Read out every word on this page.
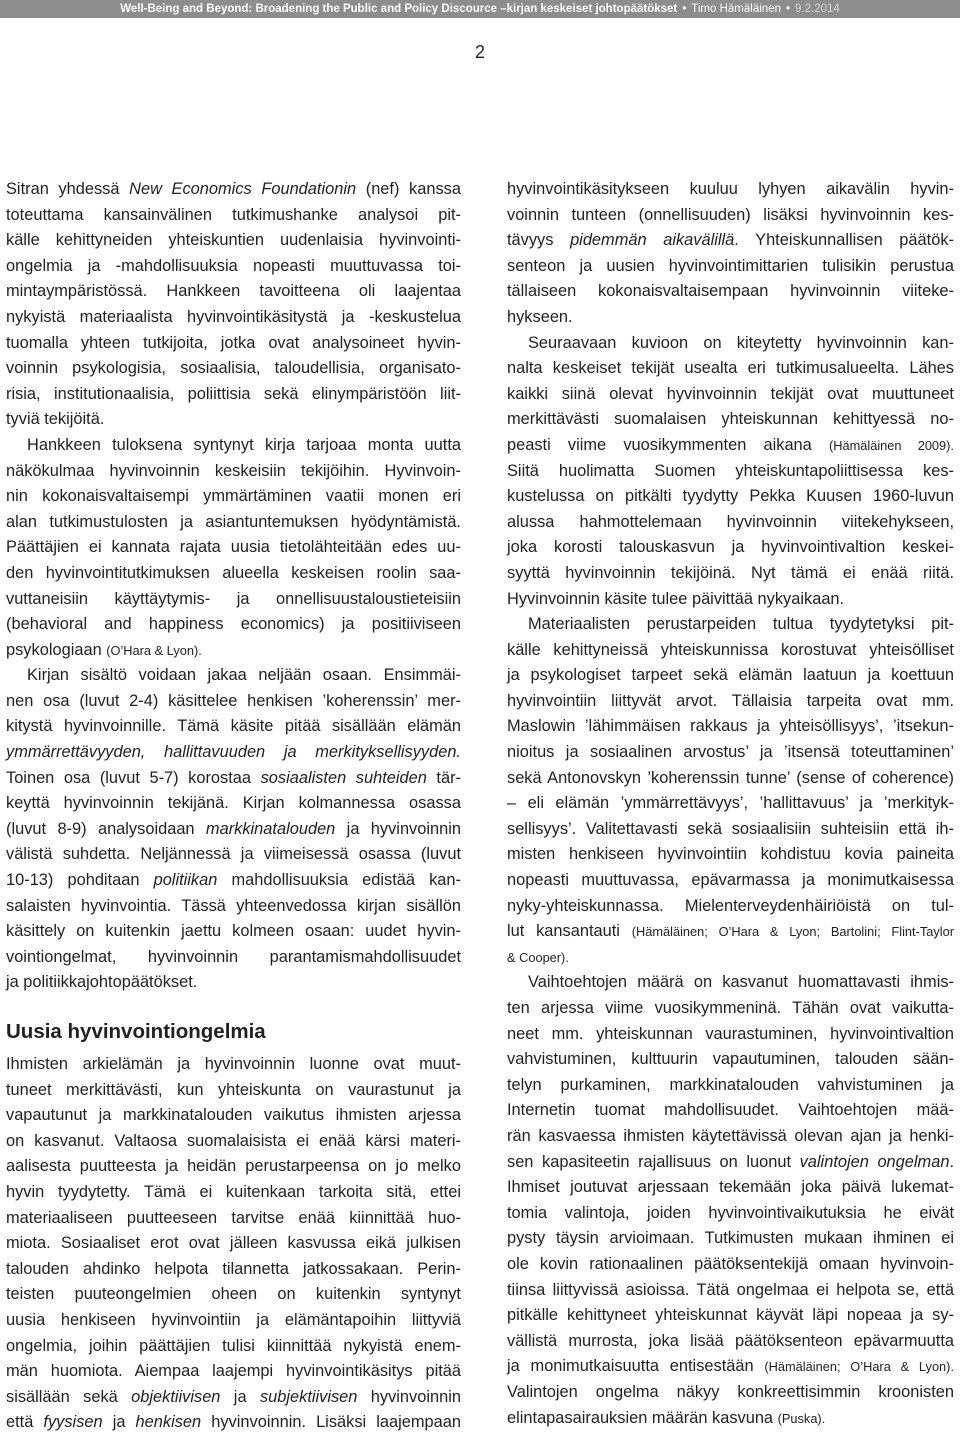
Well-Being and Beyond: Broadening the Public and Policy Discource –kirjan keskeiset johtopäätökset • Timo Hämäläinen • 9.2.2014
2
Sitran yhdessä New Economics Foundationin (nef) kanssa
toteuttama kansainvälinen tutkimushanke analysoi pit-
källe kehittyneiden yhteiskuntien uudenlaisia hyvinvointi-
ongelmia ja -mahdollisuuksia nopeasti muuttuvassa toi-
mintaympäristössä. Hankkeen tavoitteena oli laajentaa
nykyistä materiaalista hyvinvointikäsitystä ja -keskustelua
tuomalla yhteen tutkijoita, jotka ovat analysoineet hyvin-
voinnin psykologisia, sosiaalisia, taloudellisia, organisato-
risia, institutionaalisia, poliittisia sekä elinympäristöön liit-
tyviä tekijöitä.
Hankkeen tuloksena syntynyt kirja tarjoaa monta uutta
näkökulmaa hyvinvoinnin keskeisiin tekijöihin. Hyvinvoin-
nin kokonaisvaltaisempi ymmärtäminen vaatii monen eri
alan tutkimustulosten ja asiantuntemuksen hyödyntämistä.
Päättäjien ei kannata rajata uusia tietolähteitään edes uu-
den hyvinvointitutkimuksen alueella keskeisen roolin saa-
vuttaneisiin käyttäytymis- ja onnellisuustaloustieteisiin
(behavioral and happiness economics) ja positiiviseen
psykologiaan (O’Hara & Lyon).
Kirjan sisältö voidaan jakaa neljään osaan. Ensimmäi-
nen osa (luvut 2-4) käsittelee henkisen ’koherenssin’ mer-
kitystä hyvinvoinnille. Tämä käsite pitää sisällään elämän
ymmärrettävyyden, hallittavuuden ja merkityksellisyyden.
Toinen osa (luvut 5-7) korostaa sosiaalisten suhteiden tär-
keyttä hyvinvoinnin tekijänä. Kirjan kolmannessa osassa
(luvut 8-9) analysoidaan markkinatalouden ja hyvinvoinnin
välistä suhdetta. Neljännessä ja viimeisessä osassa (luvut
10-13) pohditaan politiikan mahdollisuuksia edistää kan-
salaisten hyvinvointia. Tässä yhteenvedossa kirjan sisällön
käsittely on kuitenkin jaettu kolmeen osaan: uudet hyvin-
vointiongelmat, hyvinvoinnin parantamismahdollisuudet
ja politiikkajohtopäätökset.
Uusia hyvinvointiongelmia
Ihmisten arkielämän ja hyvinvoinnin luonne ovat muut-
tuneet merkittävästi, kun yhteiskunta on vaurastunut ja
vapautunut ja markkinatalouden vaikutus ihmisten arjessa
on kasvanut. Valtaosa suomalaisista ei enää kärsi materi-
aalisesta puutteesta ja heidän perustarpeensa on jo melko
hyvin tyydytetty. Tämä ei kuitenkaan tarkoita sitä, ettei
materiaaliseen puutteeseen tarvitse enää kiinnittää huo-
miota. Sosiaaliset erot ovat jälleen kasvussa eikä julkisen
talouden ahdinko helpota tilannetta jatkossakaan. Perin-
teisten puuteongelmien oheen on kuitenkin syntynyt
uusia henkiseen hyvinvointiin ja elämäntapoihin liittyviä
ongelmia, joihin päättäjien tulisi kiinnittää nykyistä enem-
män huomiota. Aiempaa laajempi hyvinvointikäsitys pitää
sisällään sekä objektiivisen ja subjektiivisen hyvinvoinnin
että fyysisen ja henkisen hyvinvoinnin. Lisäksi laajempaan
hyvinvointikäsitykseen kuuluu lyhyen aikavälin hyvin-
voinnin tunteen (onnellisuuden) lisäksi hyvinvoinnin kes-
tävyys pidemmän aikavälillä. Yhteiskunnallisen päätök-
senteon ja uusien hyvinvointimittarien tulisikin perustua
tällaiseen kokonaisvaltaisempaan hyvinvoinnin viiteke-
hykseen.
Seuraavaan kuvioon on kiteytetty hyvinvoinnin kan-
nalta keskeiset tekijät usealta eri tutkimusalueelta. Lähes
kaikki siinä olevat hyvinvoinnin tekijät ovat muuttuneet
merkittävästi suomalaisen yhteiskunnan kehittyessä no-
peasti viime vuosikymmenten aikana (Hämäläinen 2009).
Siitä huolimatta Suomen yhteiskuntapoliittisessa kes-
kustelussa on pitkälti tyydytty Pekka Kuusen 1960-luvun
alussa hahmottelemaan hyvinvoinnin viitekehykseen,
joka korosti talouskasvun ja hyvinvointivaltion keskei-
syyttä hyvinvoinnin tekijöinä. Nyt tämä ei enää riitä.
Hyvinvoinnin käsite tulee päivittää nykyaikaan.
Materiaalisten perustarpeiden tultua tyydytetyksi pit-
källe kehittyneissä yhteiskunnissa korostuvat yhteisölliset
ja psykologiset tarpeet sekä elämän laatuun ja koettuun
hyvinvointiin liittyvät arvot. Tällaisia tarpeita ovat mm.
Maslowin ’lähimmäisen rakkaus ja yhteisöllisyys’, ’itsekun-
nioitus ja sosiaalinen arvostus’ ja ’itsensä toteuttaminen’
sekä Antonovskyn ’koherenssin tunne’ (sense of coherence)
– eli elämän ’ymmärrettävyys’, ’hallittavuus’ ja ’merkityk-
sellisyys’. Valitettavasti sekä sosiaalisiin suhteisiin että ih-
misten henkiseen hyvinvointiin kohdistuu kovia paineita
nopeasti muuttuvassa, epävarmassa ja monimutkaisessa
nyky-yhteiskunnassa. Mielenterveydenhäiriöistä on tul-
lut kansantauti (Hämäläinen; O’Hara & Lyon; Bartolini; Flint-Taylor
& Cooper).
Vaihtoehtojen määrä on kasvanut huomattavasti ihmis-
ten arjessa viime vuosikymmeninä. Tähän ovat vaikutta-
neet mm. yhteiskunnan vaurastuminen, hyvinvointivaltion
vahvistuminen, kulttuurin vapautuminen, talouden sään-
telyn purkaminen, markkinatalouden vahvistuminen ja
Internetin tuomat mahdollisuudet. Vaihtoehtojen mää-
rän kasvaessa ihmisten käytettävissä olevan ajan ja henki-
sen kapasiteetin rajallisuus on luonut valintojen ongelman.
Ihmiset joutuvat arjessaan tekemään joka päivä lukemat-
tomia valintoja, joiden hyvinvointivaikutuksia he eivät
pysty täysin arvioimaan. Tutkimusten mukaan ihminen ei
ole kovin rationaalinen päätöksentekijä omaan hyvinvoin-
tiinsa liittyvissä asioissa. Tätä ongelmaa ei helpota se, että
pitkälle kehittyneet yhteiskunnat käyvät läpi nopeaa ja sy-
vällistä murrosta, joka lisää päätöksenteon epävarmuutta
ja monimutkaisuutta entisestään (Hämäläinen; O’Hara & Lyon).
Valintojen ongelma näkyy konkreettisimmin kroonisten
elintapasairauksien määrän kasvuna (Puska).
